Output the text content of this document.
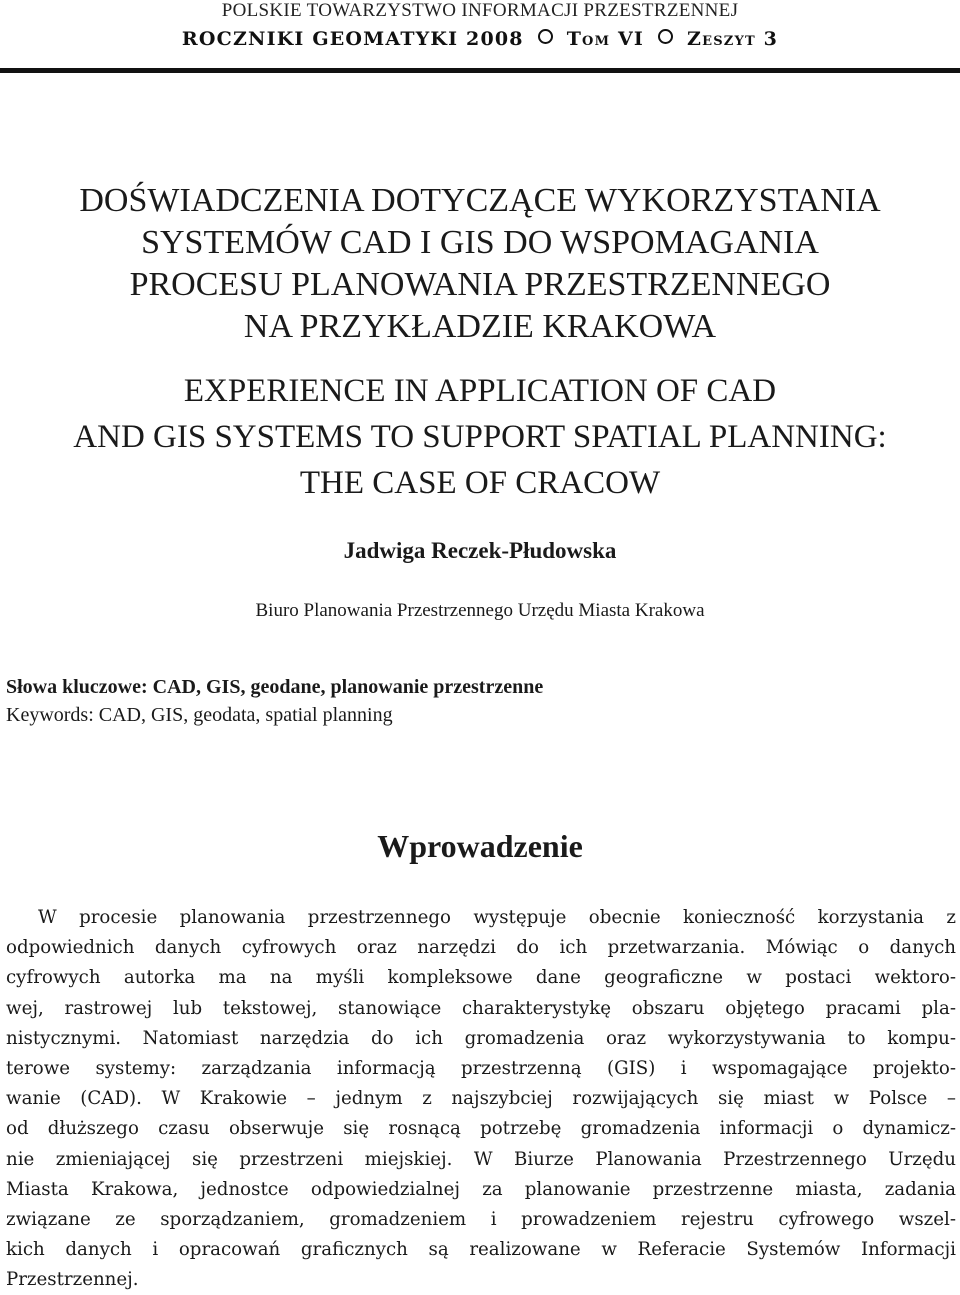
POLSKIE TOWARZYSTWO INFORMACJI PRZESTRZENNEJ
ROCZNIKI GEOMATYKI 2008 Tom VI Zeszyt 3
DOŚWIADCZENIA DOTYCZĄCE WYKORZYSTANIA
SYSTEMÓW CAD I GIS DO WSPOMAGANIA
PROCESU PLANOWANIA PRZESTRZENNEGO
NA PRZYKŁADZIE KRAKOWA
EXPERIENCE IN APPLICATION OF CAD
AND GIS SYSTEMS TO SUPPORT SPATIAL PLANNING:
THE CASE OF CRACOW
Jadwiga Reczek-Płudowska
Biuro Planowania Przestrzennego Urzędu Miasta Krakowa
Słowa kluczowe: CAD, GIS, geodane, planowanie przestrzenne
Keywords: CAD, GIS, geodata, spatial planning
Wprowadzenie
W procesie planowania przestrzennego występuje obecnie konieczność korzystania z
odpowiednich danych cyfrowych oraz narzędzi do ich przetwarzania. Mówiąc o danych
cyfrowych autorka ma na myśli kompleksowe dane geograficzne w postaci wektoro-
wej, rastrowej lub tekstowej, stanowiące charakterystykę obszaru objętego pracami pla-
nistycznymi. Natomiast narzędzia do ich gromadzenia oraz wykorzystywania to kompu-
terowe systemy: zarządzania informacją przestrzenną (GIS) i wspomagające projekto-
wanie (CAD). W Krakowie – jednym z najszybciej rozwijających się miast w Polsce –
od dłuższego czasu obserwuje się rosnącą potrzebę gromadzenia informacji o dynamicz-
nie zmieniającej się przestrzeni miejskiej. W Biurze Planowania Przestrzennego Urzędu
Miasta Krakowa, jednostce odpowiedzialnej za planowanie przestrzenne miasta, zadania
związane ze sporządzaniem, gromadzeniem i prowadzeniem rejestru cyfrowego wszel-
kich danych i opracowań graficznych są realizowane w Referacie Systemów Informacji
Przestrzennej.
